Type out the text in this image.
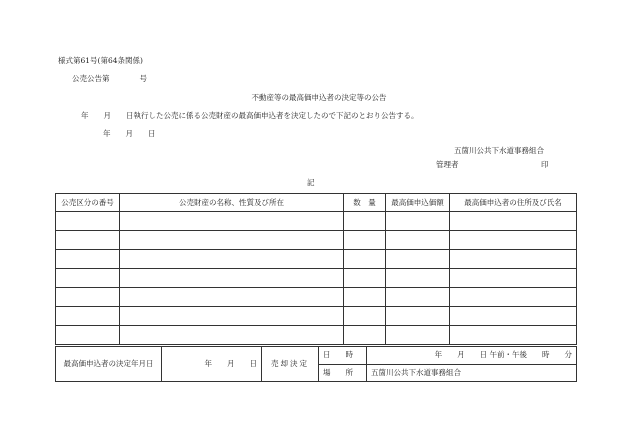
様式第61号(第64条関係)
公売公告第　　　　号
不動産等の最高価申込者の決定等の公告
年　　月　　日執行した公売に係る公売財産の最高価申込者を決定したので下記のとおり公告する。
年　　月　　日
五箇川公共下水道事務組合
管理者	印
記
公売区分の番号	公売財産の名称、性質及び所在	数　量	最高価申込価額	最高価申込者の住所及び氏名

最高価申込者の決定年月日	年　　月　　日	売却決定	日　　時	年　　月　　日 午前・午後　　時　　分
			場　　所	五箇川公共下水道事務組合
